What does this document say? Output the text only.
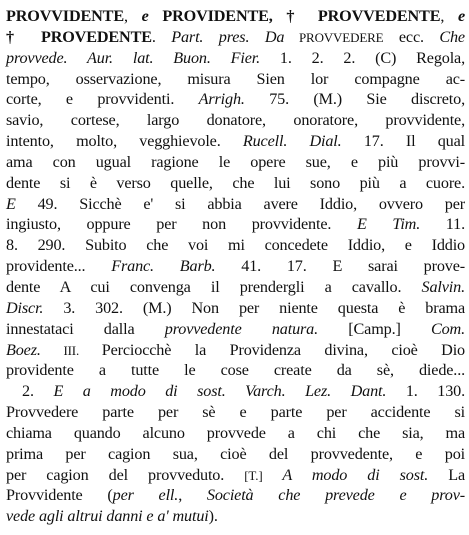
PROVVIDENTE, e PROVIDENTE, † PROVVEDENTE, e
† PROVEDENTE. Part. pres. Da PROVVEDERE ecc. Che
provvede. Aur. lat. Buon. Fier. 1. 2. 2. (C) Regola,
tempo, osservazione, misura Sien lor compagne ac-
corte, e provvidenti. Arrigh. 75. (M.) Sie discreto,
savio, cortese, largo donatore, onoratore, provvidente,
intento, molto, vegghievole. Rucell. Dial. 17. Il qual
ama con ugual ragione le opere sue, e più provvi-
dente si è verso quelle, che lui sono più a cuore.
E 49. Sicchè e' si abbia avere Iddio, ovvero per
ingiusto, oppure per non provvidente. E Tim. 11.
8. 290. Subito che voi mi concedete Iddio, e Iddio
providente... Franc. Barb. 41. 17. E sarai prove-
dente A cui convenga il prendergli a cavallo. Salvin.
Discr. 3. 302. (M.) Non per niente questa è brama
innestataci dalla provvedente natura. [Camp.] Com.
Boez. III. Perciocchè la Providenza divina, cioè Dio
providente a tutte le cose create da sè, diede...
2. E a modo di sost. Varch. Lez. Dant. 1. 130.
Provvedere parte per sè e parte per accidente si
chiama quando alcuno provvede a chi che sia, ma
prima per cagion sua, cioè del provvedente, e poi
per cagion del provveduto. [T.] A modo di sost. La
Provvidente (per ell., Società che prevede e prov-
vede agli altrui danni e a' mutui).
